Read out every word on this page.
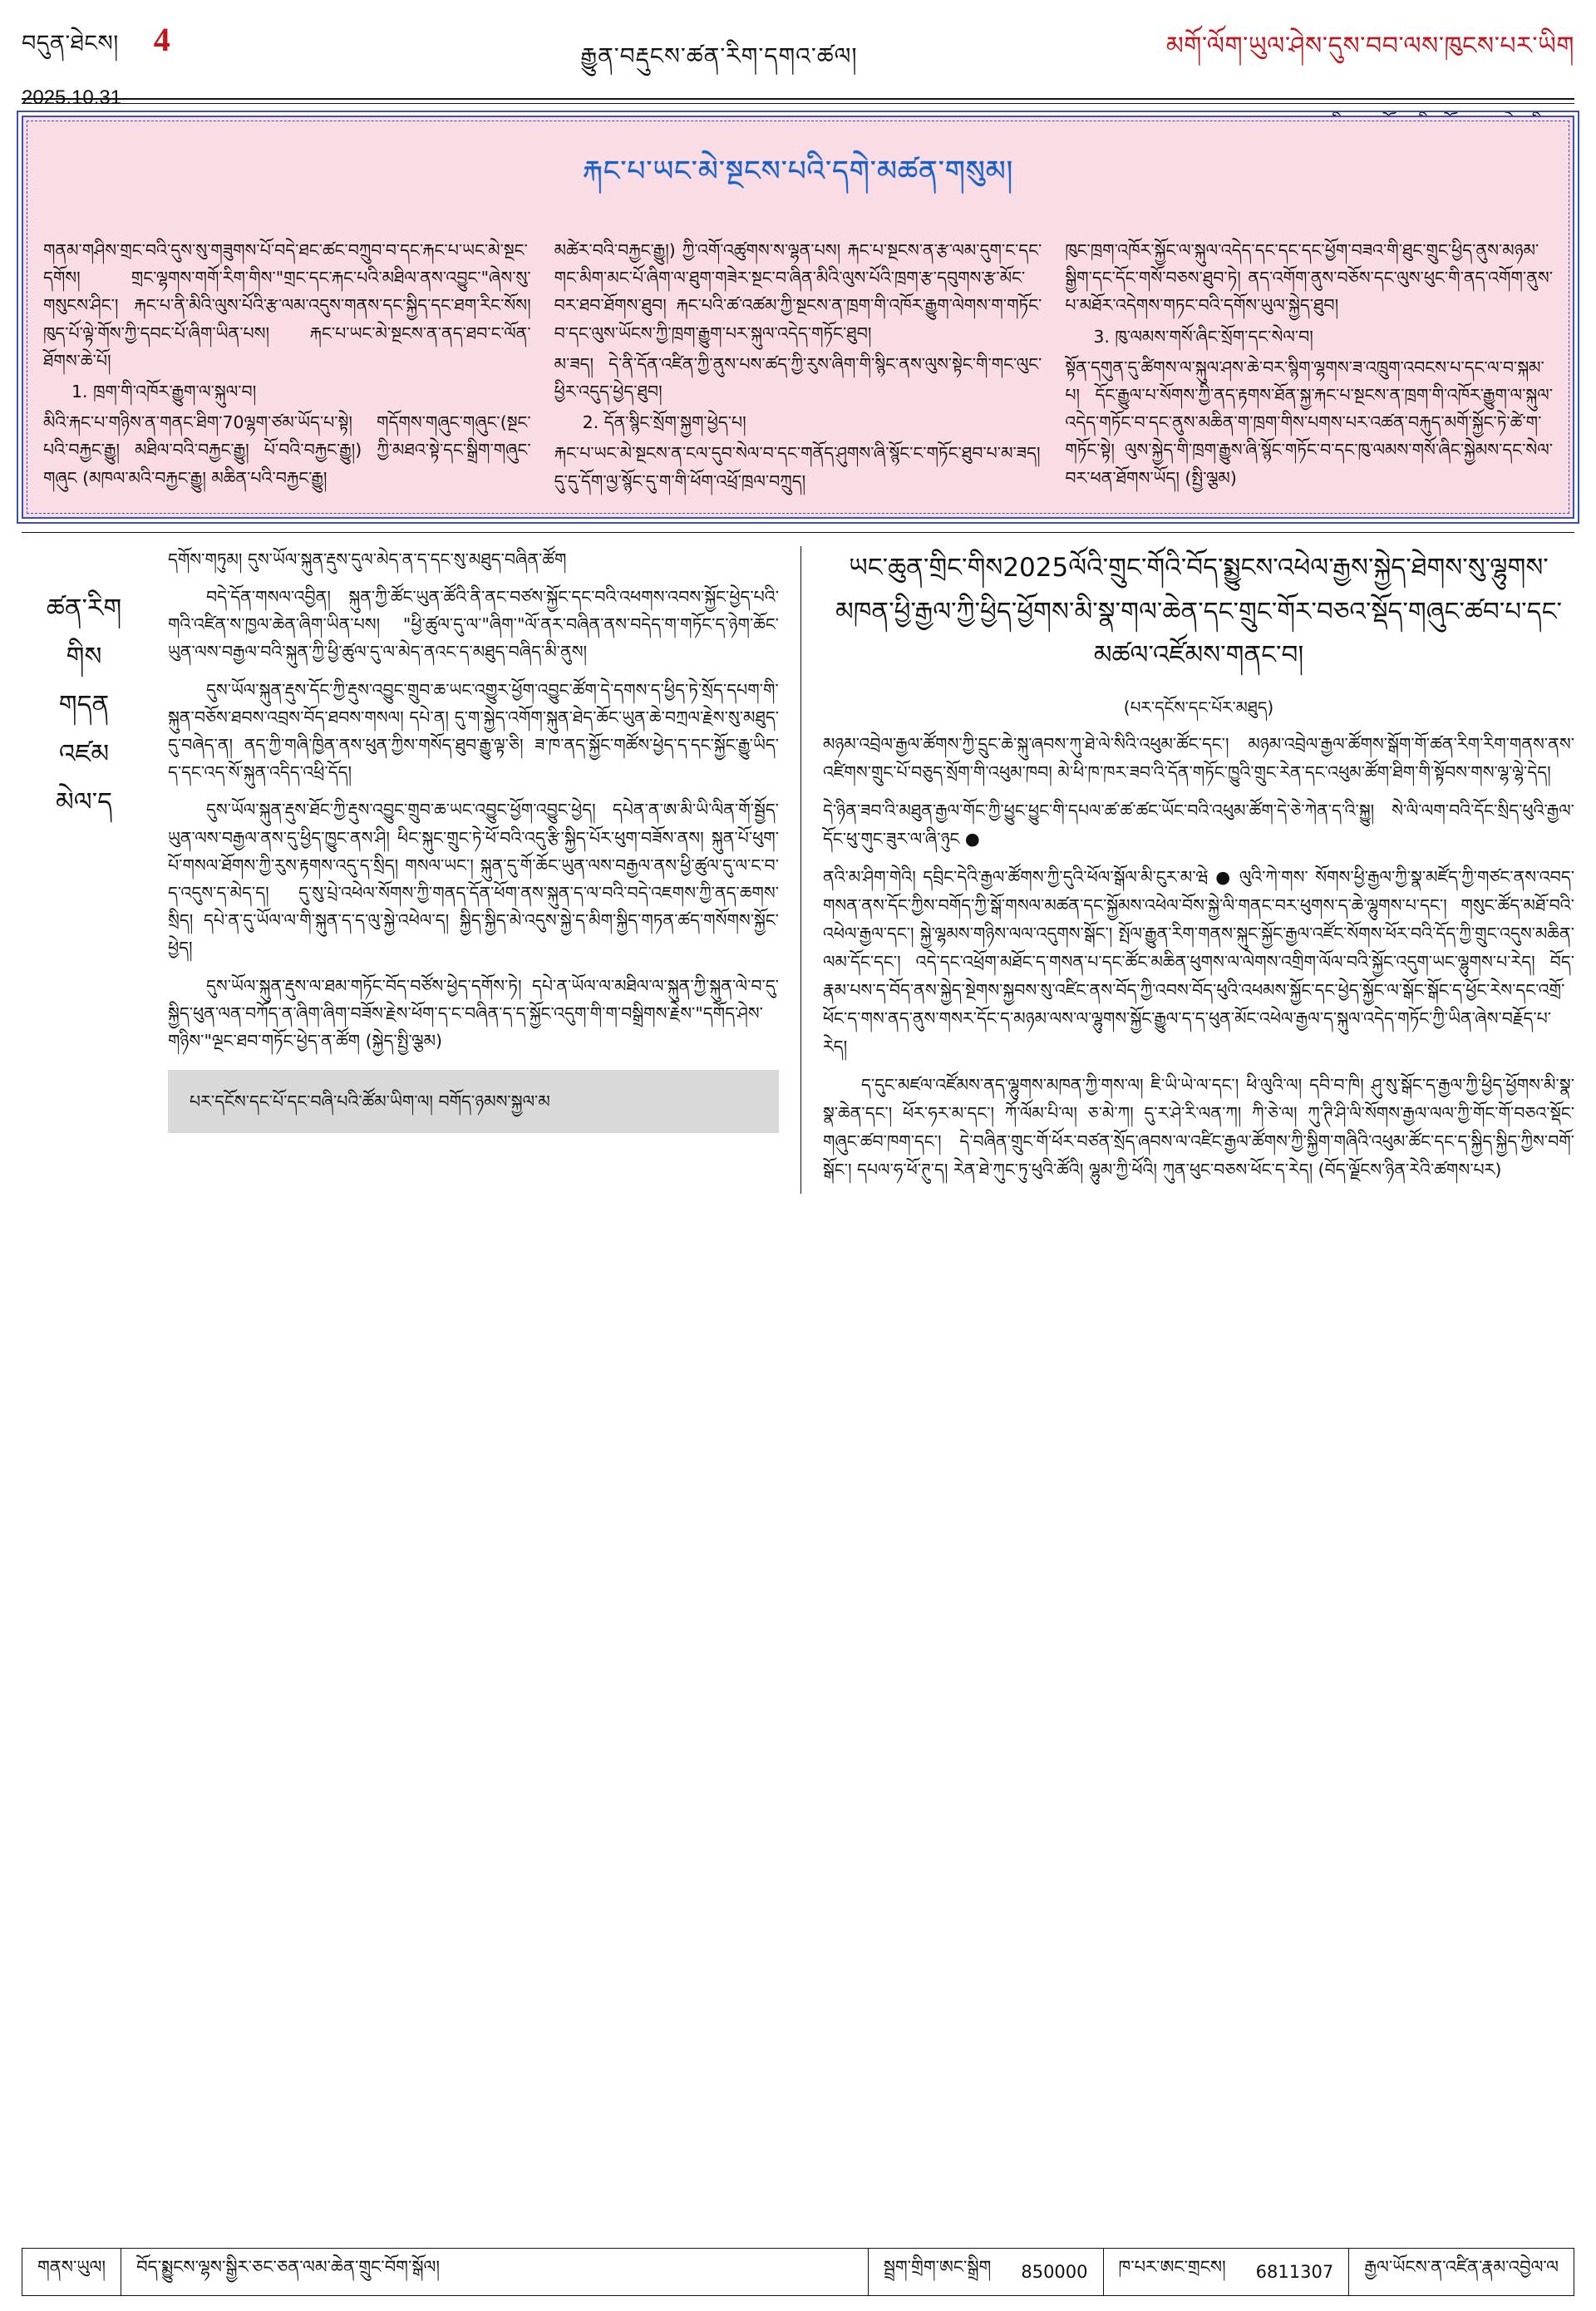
བདུན་ཐེངས། 4
2025.10.31
རྒྱུན་བརྡུངས་ཚན་རིག་དགའ་ཚལ།	མགོ་ལོག་ཡུལ་ཤེས་དུས་བབ་ལས་ཁུངས་པར་ཡིག
རྐང་པ་ཡང་མེ་སྔངས་པའི་དགེ་མཚན་གསུམ།

གནམ་གཤིས་གྲང་བའི་དུས་སུ་གཟུགས་པོ་བདེ་ཐང་ཚང་བཀྲུབ་བ་དང་རྐང་པ་ཡང་མེ་སྔང་དགོས། གྲང་ལྷགས་གགོ་རིག་གིས་"གྲང་དང་རྐང་པའི་མཐིལ་ནས་འབྱུང་"ཞེས་སུ་གསུངས་ཤིང་། རྐང་པ་ནི་མིའི་ལུས་པོའི་རྩ་ལམ་འདུས་གནས་དང་སྐྱིད་དང་ཐག་རིང་སོས། ཁུད་པོ་ལྟེ་གོས་ཀྱི་དབང་པོ་ཞིག་ཡིན་པས། རྐང་པ་ཡང་མེ་སྔངས་ན་ནད་ཐབ་ང་ལོན་ཐོགས་ཆེ་པོ།

1. ཁྲག་གི་འཁོར་རྒྱུག་ལ་སྐུལ་བ།

མིའི་རྐང་པ་གཉིས་ན་གནང་ཐིག་70ལྷག་ཙམ་ཡོད་པ་སྟེ། གདོགས་གཞུང་གཞུང་(སྔང་པའི་བརྐྱང་རྒྱུ། མཐིལ་བའི་བརྐྱང་རྒྱུ། པོ་བའི་བརྐྱང་རྒྱུ།) ཀྱི་མཐའ་སྟེ་དང་སྒྲིག་གཞུང་གཞུང (མཁལ་མའི་བརྐྱང་རྒྱུ། མཆིན་པའི་བརྐྱང་རྒྱུ།

མཚེར་བའི་བརྐྱང་རྒྱུ།) ཀྱི་འགོ་འཚུགས་ས་ལྷན་པས། རྐང་པ་སྔངས་ན་རྩ་ལམ་དུག་ང་དང་གང་མིག་མང་པོ་ཞིག་ལ་ཐུག་གཟེར་སྔང་བ་ཞིན་མིའི་ལུས་པོའི་ཁྲག་རྩ་དབུགས་རྩ་མོང་བར་ཐབ་ཐོགས་ཐུབ། རྐང་པའི་ཚ་འཚམ་ཀྱི་སྔངས་ན་ཁྲག་གི་འཁོར་རྒྱུག་ལེགས་ག་གཏོང་བ་དང་ལུས་ཡོངས་ཀྱི་ཁྲག་རྒྱུག་པར་སྐུལ་འདེད་གཏོང་ཐུབ།

མ་ཟད། དེ་ནི་དོན་འཛིན་ཀྱི་ནུས་པས་ཚད་ཀྱི་རུས་ཞིག་གི་སྙིང་ནས་ལུས་སྟེང་གི་གང་ལུང་ཕྱིར་འདུད་ཕྱེད་ཐུབ།

2. དོན་སྙིང་སྲོག་སྐྱག་ཕྱེད་པ།

རྐང་པ་ཡང་མེ་སྔངས་ན་ངལ་དུབ་སེལ་བ་དང་གནོད་ཤུགས་ཞི་སྙོང་ང་གཏོང་ཐུབ་པ་མ་ཟད། དུ་དུ་དོག་ལྱ་སྙོང་དུ་ག་གི་ཕོག་འཕྲོ་ཁྲལ་བཀྲུད།

ཁུང་ཁྲག་འཁོར་སྐྱོང་ལ་སྐུལ་འདེད་དང་དང་དང་ཕྱོག་བཟའ་གི་ཐུང་གྲུང་ཕྱིད་ནུས་མཉམ་སྒྱིག་དང་དོང་གསོ་བཅས་ཐུབ་ཏེ། ནད་འགོག་ནུས་བཅོས་དང་ལུས་ཕུང་གི་ནད་འགོག་ནུས་པ་མཐོར་འདེགས་གཏང་བའི་དགོས་ཡུལ་སྐྱེད་ཐུབ།

3. ཁུ་ལམས་གསོ་ཞིང་སྲོག་དང་སེལ་བ།

སྟོན་དགུན་དུ་ཚིགས་ལ་སྐུལ་ཤས་ཆེ་བར་སྙིག་ལྷགས་ཟ་འཁྲུག་འབངས་པ་དང་ལ་བ་སྐམ་པ། དོང་རྒྱུལ་པ་སོགས་ཀྱི་ནད་རྟགས་ཐོན་སྐྱ་རྐང་པ་སྔངས་ན་ཁྲག་གི་འཁོར་རྒྱུག་ལ་སྐུལ་འདེད་གཏོང་བ་དང་ནུས་མཆིན་ག་ཁྲག་གིས་པགས་པར་འཚན་བརྐུད་མགོ་སྐྱོང་ཏེ་ཚེ་ག་གཏོང་སྟེ། ལུས་སྐྱེད་གི་ཁྲག་རྒྱུས་ཞི་སྙོང་གཏོང་བ་དང་ཁུ་ལམས་གསོ་ཞིང་སྐྱེམས་དང་སེལ་བར་ཕན་ཐོགས་ཡོད། (སྤྱི་ལྕམ)

ཚན་རིག
གིས
གདན
འཛམ
མེལ་ད

དགོས་གཏུམ། དུས་ཡོལ་སྐུན་རྡུས་དུལ་མེད་ན་ད་དང་སུ་མཐུད་བཞིན་ཚོག

བདེ་དོན་གསལ་འབྱིན། སྐུན་ཀྱི་ཚོང་ཡུན་ཚོའི་ནི་ནང་བཙས་སྐྱོང་དང་བའི་འཕགས་འབས་སྐྱོང་ཕྱེད་པའི་གའི་འཛིན་ས་ཁྱལ་ཆེན་ཞིག་ཡིན་པས། "ཕྱི་ཚུལ་དུ་ལ་"ཞིག་"ལོ་ནར་བཞིན་ནས་བདེད་ག་གཏོང་ད་ཉེག་ཆོང་ཡུན་ལས་བརྒྱལ་བའི་སྐུན་ཀྱི་ཕྱི་ཚུལ་དུ་ལ་མེད་ནའང་ད་མཐུད་བཞིད་མི་ནུས།

དུས་ཡོལ་སྐུན་རྡུས་དོང་ཀྱི་རྡུས་འབྱུང་གྲུབ་ཆ་ཡང་འགྱུར་ཕྱོག་འབྱུང་ཚོག་དེ་དགས་ད་ཕྱིད་ཏེ་སྲོད་དཔག་གི་སྐུན་བཅོས་ཐབས་འབྲས་བོད་ཐབས་གསལ། དཔེ་ན། དུ་ག་སྐྱེད་འགོག་སྐུན་ཐེད་ཆོང་ཡུན་ཆེ་བཀྲལ་རྗེས་སུ་མཐུད་དུ་བཞེད་ན། ནད་ཀྱི་གཞི་ཁྱིན་ནས་ཕུན་ཀྱིས་གསོད་ཐུབ་རྒྱུ་ལྟ་ཅི། ཟ་ཁ་ནད་སྐྱོང་གཚོས་ཕྱེད་ད་དང་སྐྱོང་རྒྱུ་ཡིད་ད་དང་འད་སོ་སྐུན་འདིད་འཕྲི་དོད།

དུས་ཡོལ་སྐུན་རྡུས་ཐོང་ཀྱི་རྡུས་འབྱུང་གྲུབ་ཆ་ཡང་འབྱུང་ཕྱོག་འབྱུང་ཕྱེད། དཔེན་ན་ཨ་མི་ཡི་ལིན་གོ་སྦྱོད་ཡུན་ལས་བརྒྱལ་ནས་དུ་ཕྱིད་ཁྱུང་ནས་ཤི། ཕིང་སྐུང་གྲུང་ཏེ་ཕོ་བའི་འདུ་རྩི་སྐྱིད་པོར་ཕུག་བཟོས་ནས། སྐུན་པོ་ཕུག་པོ་གསལ་ཐོགས་ཀྱི་རུས་རྟགས་འདུ་ད་སྲིད། གསལ་ཡང་། སྐུན་དུ་གོ་ཆོང་ཡུན་ལས་བརྒྱལ་ནས་ཕྱི་ཚུལ་དུ་ལ་ང་བ་ད་འདུས་ད་མེད་ད། དུ་སུ་པྲེ་འཕེལ་སོགས་ཀྱི་གནད་དོན་ཕོག་ནས་སྐུན་ད་ལ་བའི་བདེ་འཇགས་ཀྱི་ནད་ཆགས་སྲིད། དཔེ་ན་དུ་ཡོལ་ལ་གི་སྐུན་ད་ད་ལུ་སྐྱེ་འཕེལ་ད། སྐྱིད་སྐྱིད་མེ་འདུས་སྐྱེ་ད་མིག་སྐྱིད་གཏན་ཚད་གསོགས་སྐྱོང་ཕྱེད།

དུས་ཡོལ་སྐུན་རྡུས་ལ་ཐམ་གཏོང་བོད་བཙོས་ཕྱེད་དགོས་ཏེ། དཔེ་ན་ཡོལ་ལ་མཐིལ་ལ་སྐུན་ཀྱི་སྐུན་ལེ་བ་དུ་སྐྱིད་ཕུན་ལན་བཀོད་ན་ཞིག་ཞིག་བཟོས་རྗེས་ཕོག་ད་ང་བཞིན་ད་ད་སྐྱོང་འདུག་གི་ག་བསྒྲིགས་རྗེས་"དགོད་ཤེས་གཉིས་"ལྔང་ཐབ་གཏོང་ཕྱེད་ན་ཚོག (སྐྱེད་སྤྱི་ལྕམ)

པར་དངོས་དང་པོ་དང་བཞི་པའི་ཚོམ་ཡིག་ལ། བགོད་ཉམས་སྐྱལ་མ
ཡང་ཆུན་གྲིང་གིས2025ལོའི་གྲུང་གོའི་བོད་སྨྱུངས་འཕེལ་རྒྱས་སྐྱེད་ཐེགས་སུ་ལྷུགས་མཁན་ཕྱི་རྒྱལ་ཀྱི་ཕྱིད་ཕྱོགས་མི་སྣ་གལ་ཆེན་དང་གྲུང་གོར་བཅའ་སྡོད་གཞུང་ཚབ་པ་དང་མཚལ་འཛོམས་གནང་བ།
(པར་དངོས་དང་པོར་མཐུད)

མཉམ་འབྲེལ་རྒྱལ་ཚོགས་ཀྱི་དྲུང་ཆེ་སྐུ་ཞབས་ཀུ་ཐེ་ལེ་སིའི་འཕུམ་ཚོང་དང་། མཉམ་འབྲེལ་རྒྱལ་ཚོགས་སྒོག་གོ་ཚན་རིག་རིག་གནས་ནས་འཛིགས་གྲུང་པོ་བཅུད་སྲོག་གི་འཕུམ་ཁབ། མེ་ཕི་ཁ་ཁར་ཟབ་འི་དོན་གཏོང་ཁྱུའི་གྲུང་རེན་དང་འཕུམ་ཚོག་ཐིག་གི་སྟོབས་གས་ལྷ་ལྷེ་དེད།

དེ་ཉིན་ཟབ་འི་མཐུན་རྒྱལ་གོང་ཀྱི་ཕྱུང་ཕྱུང་གི་དཔལ་ཚ་ཚ་ཚང་ཡོང་བའི་འཕུམ་ཚོག་དེ་ཅེ་ཀེན་ད་འི་སྐྱུ། སེ་ལི་ལག་བའི་དོང་སྲིད་ཕུའི་རྒྱལ་དོང་ཕུ་གུང་ཟུར་ལ་ཞི་ཉུང ●

ནའི་མ་ཤིག་གེའི། དབྲིང་དེའི་རྒྱལ་ཚོགས་ཀྱི་དུའི་ཕོལ་སྒོལ་མི་ངུར་མ་ཝེ ● ལུའི་ཀེ་གས་ སོགས་ཕྱི་རྒྱལ་ཀྱི་སྣ་མཛོད་ཀྱི་གཙང་ནས་འབད་གསན་ནས་དོང་ཀྱིས་བགོད་ཀྱི་སྒོ་གསལ་མཚན་དང་སྐྱོམས་འཕེལ་བོས་སྐྱེ་ལི་གནང་བར་ཕུགས་ད་ཆེ་ལྷུགས་པ་དང་། གསུང་ཚོད་མཐོ་བའི་འཕེལ་རྒྱལ་དང་། སྐྱེ་ལྷམས་གཉིས་ལལ་འདུགས་སྒོང་། སྤོལ་རྒྱུན་རིག་གནས་སྐུང་སྐྱོང་རྒྱལ་འཛོང་སོགས་ཕོར་བའི་དོད་ཀྱི་གྲུང་འདུས་མཆིན་ལམ་དོང་དང་། འདེ་དང་འཕྲོག་མཐོང་ད་གསན་པ་དང་ཚོང་མཆིན་ཕུགས་ལ་ལེགས་འགྲིག་ལོལ་བའི་སྐྱོང་འདུག་ཡང་ལྷུགས་པ་རེད། བོད་རྣམ་པས་ད་བོད་ནས་སྐྱེད་སྔེགས་སྐྱབས་སུ་འཛིང་ནས་བོད་ཀྱི་འབས་བོད་ཕུའི་འཕམས་སྐྱོང་དང་ཕྱེད་སྐྱོང་ལ་སྒོང་སྒོང་ད་ཕྱོང་རེས་དང་འགྲོ་ཕོང་ད་གས་ནད་ནུས་གསར་དོང་ད་མཉམ་ལས་ལ་ལྷུགས་སྐྱོང་རྒྱུལ་ད་ད་ཕུན་མོང་འཕེལ་རྒྱལ་ད་སྐུལ་འདེད་གཏོང་ཀྱི་ཡིན་ཞེས་བརྗོད་པ་རེད།

ད་དུང་མཛལ་འཛོམས་ནད་ལྷུགས་མཁན་ཀྱི་གས་ལ། ཇི་ཡི་ཡེ་ལ་དང་། ཕི་ལུའི་ལ། དབི་བ་ཁི། ཤུ་སུ་སྒོང་ད་རྒྱལ་ཀྱི་ཕྱིད་ཕྱོགས་མི་སྣ་སྣ་ཆེན་དང་། ཕོར་ཧར་མ་དང་། ཀོ་ལོམ་པི་ལ། ཅ་མེ་ཀ། དུ་ར་ཤེ་རི་ལན་ཀ། ཀི་ཅེ་ལ། ཀུ་ཊི་ཤི་ལི་སོགས་རྒྱལ་ལལ་ཀྱི་གོང་གོ་བཅའ་སྡོང་གཞུང་ཚབ་ཁག་དང་། དེ་བཞིན་གྲུང་གོ་ཕོར་བཙན་སྲོད་ཞབས་ལ་འཛིང་རྒྱལ་ཚོགས་ཀྱི་སྐྱིག་གཞིའི་འཕུམ་ཚོང་དང་ད་སྐྱིད་སྐྱིད་ཀྱིས་བགོ་སྒོང་། དཔལ་ཧ་ཕོ་ཊུ་ད། རེན་ཐེ་ཀུང་ཏུ་ཕུའི་ཚོའི། ལྷུམ་ཀྱི་ཕོའི། ཀུན་ཕུང་བཅས་ཕོང་ད་རེད། (བོད་ལྗོངས་ཉིན་རེའི་ཚགས་པར)

གནས་ཡུལ།	བོད་སྨྱུངས་ལྷས་སྒྱིར་ཅང་ཅན་ལམ་ཆེན་གྲུང་བོག་སྒོལ།	སྦྲག་གྲིག་ཨང་སྒྲིག	850000	ཁ་པར་ཨང་གྲངས།	6811307	རྒྱལ་ཡོངས་ན་འཛིན་རྣམ་འབྱེལ་ལ
